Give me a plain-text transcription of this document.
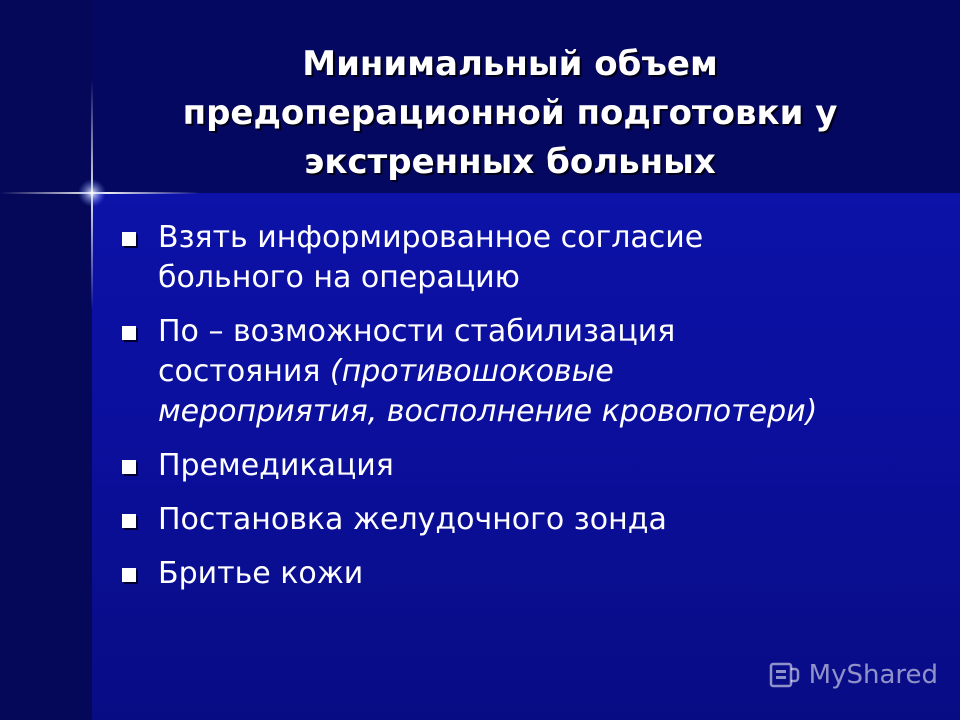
Минимальный объем
предоперационной подготовки у
экстренных больных
Взять информированное согласие
больного на операцию
По – возможности стабилизация
состояния (противошоковые
мероприятия, восполнение кровопотери)
Премедикация
Постановка желудочного зонда
Бритье кожи
MyShared
